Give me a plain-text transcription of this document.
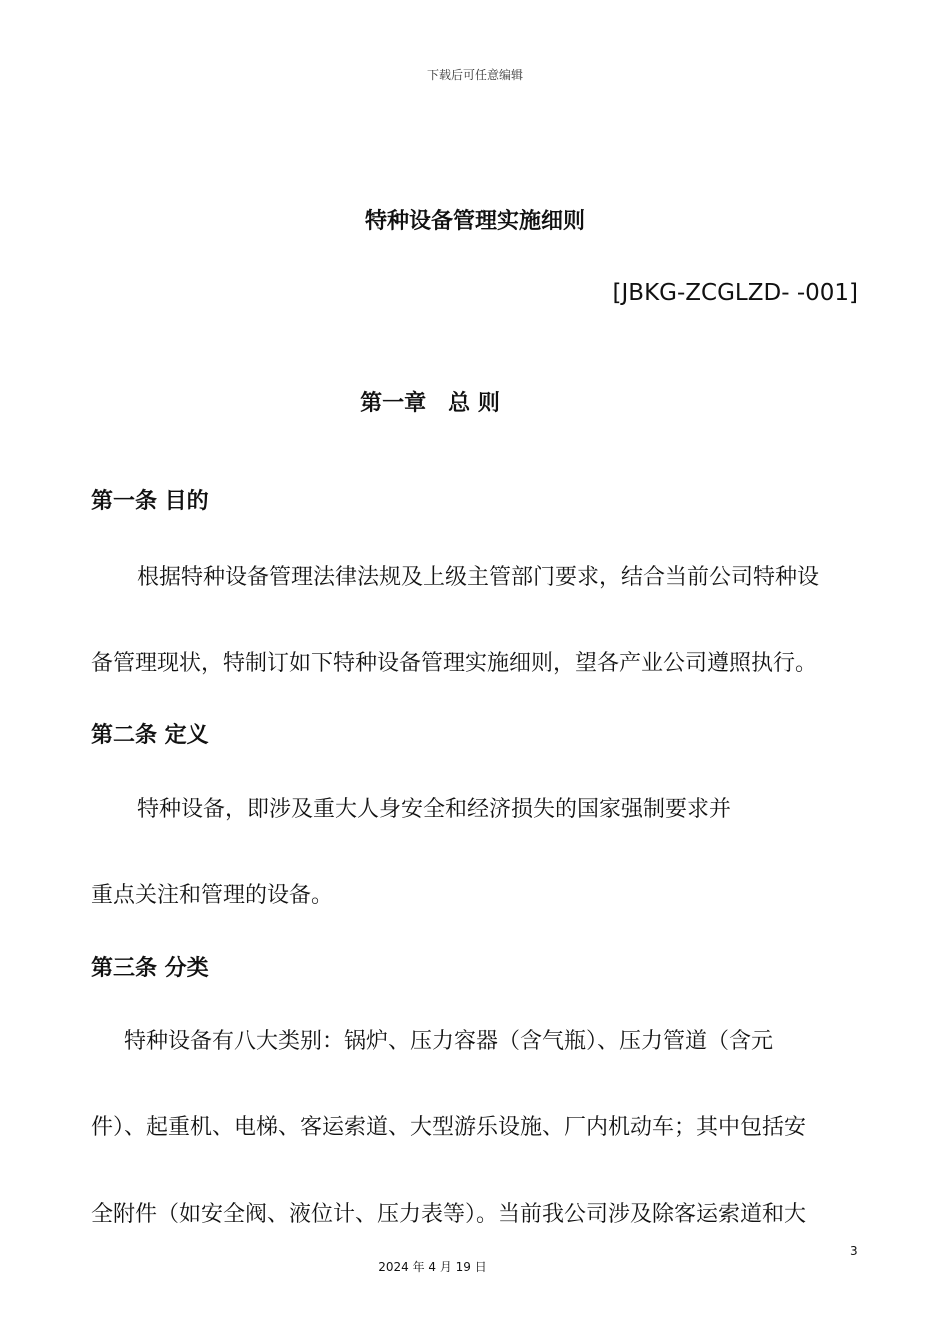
下载后可任意编辑
特种设备管理实施细则
[JBKG-ZCGLZD- -001]
第一章　总 则
第一条 目的
根据特种设备管理法律法规及上级主管部门要求，结合当前公司特种设
备管理现状，特制订如下特种设备管理实施细则，望各产业公司遵照执行。
第二条 定义
特种设备，即涉及重大人身安全和经济损失的国家强制要求并
重点关注和管理的设备。
第三条 分类
特种设备有八大类别：锅炉、压力容器（含气瓶）、压力管道（含元
件）、起重机、电梯、客运索道、大型游乐设施、厂内机动车；其中包括安
全附件（如安全阀、液位计、压力表等）。当前我公司涉及除客运索道和大
3
2024 年 4 月 19 日
